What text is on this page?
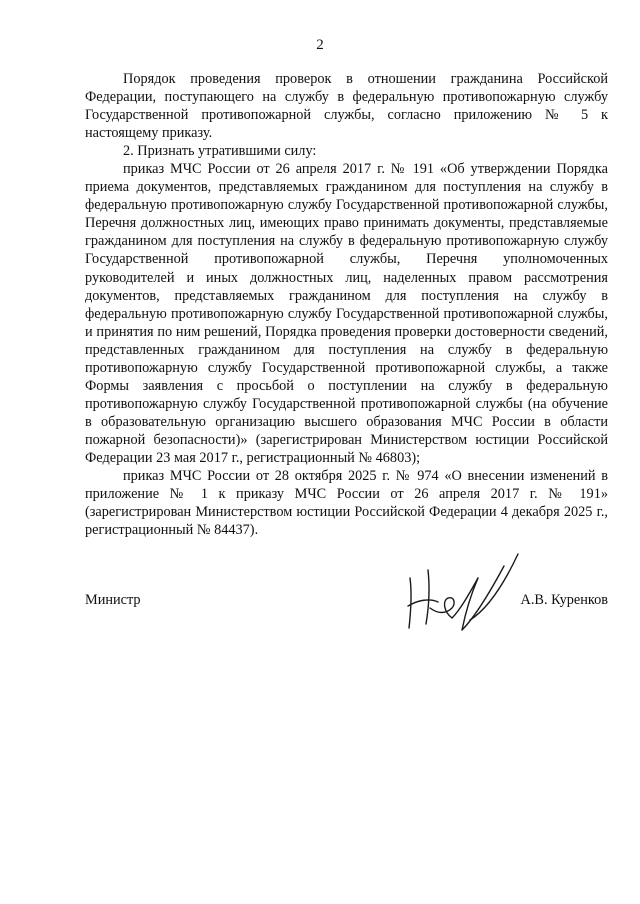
2

Порядок проведения проверок в отношении гражданина Российской Федерации, поступающего на службу в федеральную противопожарную службу Государственной противопожарной службы, согласно приложению № 5 к настоящему приказу.

2. Признать утратившими силу:

приказ МЧС России от 26 апреля 2017 г. № 191 «Об утверждении Порядка приема документов, представляемых гражданином для поступления на службу в федеральную противопожарную службу Государственной противопожарной службы, Перечня должностных лиц, имеющих право принимать документы, представляемые гражданином для поступления на службу в федеральную противопожарную службу Государственной противопожарной службы, Перечня уполномоченных руководителей и иных должностных лиц, наделенных правом рассмотрения документов, представляемых гражданином для поступления на службу в федеральную противопожарную службу Государственной противопожарной службы, и принятия по ним решений, Порядка проведения проверки достоверности сведений, представленных гражданином для поступления на службу в федеральную противопожарную службу Государственной противопожарной службы, а также Формы заявления с просьбой о поступлении на службу в федеральную противопожарную службу Государственной противопожарной службы (на обучение в образовательную организацию высшего образования МЧС России в области пожарной безопасности)» (зарегистрирован Министерством юстиции Российской Федерации 23 мая 2017 г., регистрационный № 46803);

приказ МЧС России от 28 октября 2025 г. № 974 «О внесении изменений в приложение № 1 к приказу МЧС России от 26 апреля 2017 г. № 191» (зарегистрирован Министерством юстиции Российской Федерации 4 декабря 2025 г., регистрационный № 84437).

Министр	А.В. Куренков
